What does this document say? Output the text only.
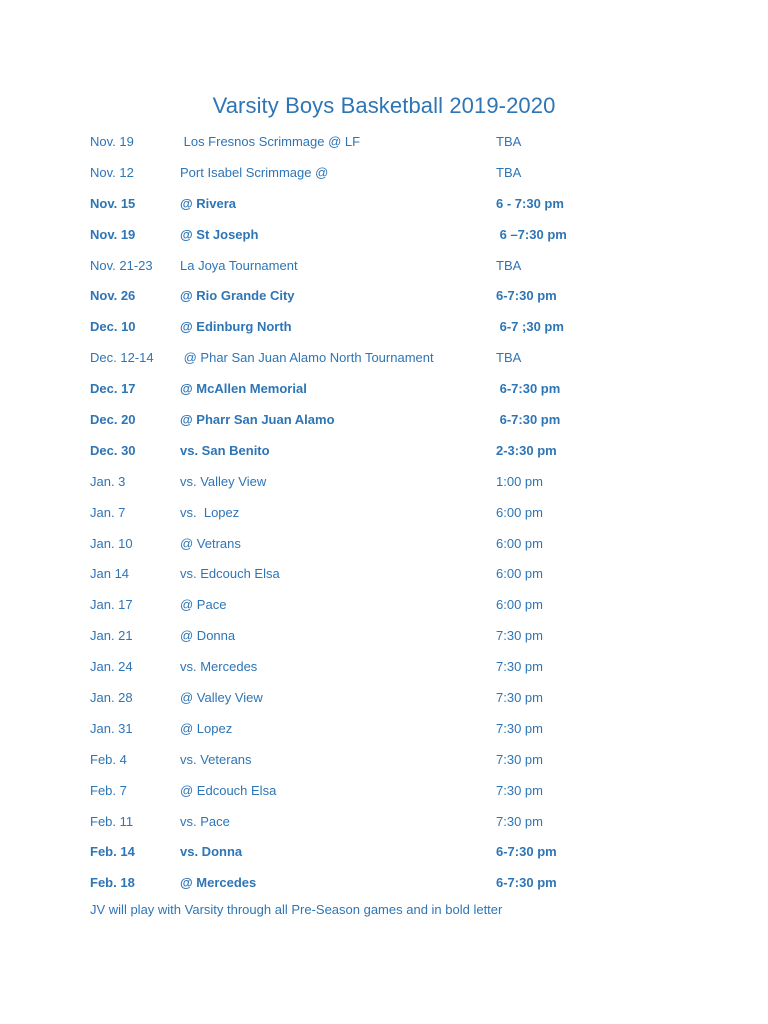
Varsity Boys Basketball 2019-2020
Nov. 19	Los Fresnos Scrimmage @ LF	TBA
Nov. 12	Port Isabel Scrimmage @	TBA
Nov. 15	@ Rivera	6 - 7:30 pm
Nov. 19	@ St Joseph	6 –7:30 pm
Nov. 21-23 La Joya Tournament	TBA
Nov. 26	@ Rio Grande City	6-7:30 pm
Dec. 10	@ Edinburg North	6-7 ;30 pm
Dec. 12-14 @ Phar San Juan Alamo North Tournament	TBA
Dec. 17	@ McAllen Memorial	6-7:30 pm
Dec. 20	@ Pharr San Juan Alamo	6-7:30 pm
Dec. 30	vs. San Benito	2-3:30 pm
Jan. 3	vs. Valley View	1:00 pm
Jan. 7	vs.  Lopez	6:00 pm
Jan. 10	@ Vetrans	6:00 pm
Jan 14	vs. Edcouch Elsa	6:00 pm
Jan. 17	@ Pace	6:00 pm
Jan. 21	@ Donna	7:30 pm
Jan. 24	vs. Mercedes	7:30 pm
Jan. 28	@ Valley View	7:30 pm
Jan. 31	@ Lopez	7:30 pm
Feb. 4	vs. Veterans	7:30 pm
Feb. 7	@ Edcouch Elsa	7:30 pm
Feb. 11	vs. Pace	7:30 pm
Feb. 14	vs. Donna	6-7:30 pm
Feb. 18	@ Mercedes	6-7:30 pm
JV will play with Varsity through all Pre-Season games and in bold letter
